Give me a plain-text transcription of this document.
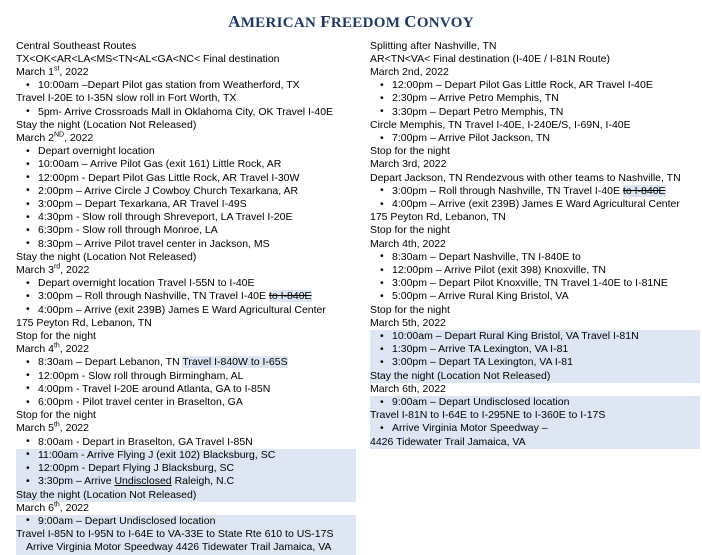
AMERICAN FREEDOM CONVOY
Central Southeast Routes
TX<OK<AR<LA<MS<TN<AL<GA<NC< Final destination
March 1st, 2022
• 10:00am –Depart Pilot gas station from Weatherford, TX
Travel I-20E to I-35N slow roll in Fort Worth, TX
• 5pm- Arrive Crossroads Mall in Oklahoma City, OK Travel I-40E
Stay the night (Location Not Released)
March 2ND, 2022
• Depart overnight location
• 10:00am – Arrive Pilot Gas (exit 161) Little Rock, AR
• 12:00pm - Depart Pilot Gas Little Rock, AR Travel I-30W
• 2:00pm – Arrive Circle J Cowboy Church Texarkana, AR
• 3:00pm – Depart Texarkana, AR Travel I-49S
• 4:30pm - Slow roll through Shreveport, LA Travel I-20E
• 6:30pm - Slow roll through Monroe, LA
• 8:30pm – Arrive Pilot travel center in Jackson, MS
Stay the night (Location Not Released)
March 3rd, 2022
• Depart overnight location Travel I-55N to I-40E
• 3:00pm – Roll through Nashville, TN Travel I-40E to I-840E
• 4:00pm – Arrive (exit 239B) James E Ward Agricultural Center
175 Peyton Rd, Lebanon, TN
Stop for the night
March 4th, 2022
• 8:30am – Depart Lebanon, TN Travel I-840W to I-65S
• 12:00pm - Slow roll through Birmingham, AL
• 4:00pm - Travel I-20E around Atlanta, GA to I-85N
• 6:00pm - Pilot travel center in Braselton, GA
Stop for the night
March 5th, 2022
• 8:00am - Depart in Braselton, GA Travel I-85N
• 11:00am - Arrive Flying J (exit 102) Blacksburg, SC
• 12:00pm - Depart Flying J Blacksburg, SC
• 3:30pm – Arrive Undisclosed Raleigh, N.C
Stay the night (Location Not Released)
March 6th, 2022
• 9:00am – Depart Undisclosed location
Travel I-85N to I-95N to I-64E to VA-33E to State Rte 610 to US-17S
Arrive Virginia Motor Speedway 4426 Tidewater Trail Jamaica, VA
Splitting after Nashville, TN
AR<TN<VA< Final destination (I-40E / I-81N Route)
March 2nd, 2022
• 12:00pm – Depart Pilot Gas Little Rock, AR Travel I-40E
• 2:30pm – Arrive Petro Memphis, TN
• 3:30pm – Depart Petro Memphis, TN
Circle Memphis, TN Travel I-40E, I-240E/S, I-69N, I-40E
• 7:00pm – Arrive Pilot Jackson, TN
Stop for the night
March 3rd, 2022
Depart Jackson, TN Rendezvous with other teams to Nashville, TN
• 3:00pm – Roll through Nashville, TN Travel I-40E to I-840E
• 4:00pm – Arrive (exit 239B) James E Ward Agricultural Center
175 Peyton Rd, Lebanon, TN
Stop for the night
March 4th, 2022
• 8:30am – Depart Nashville, TN I-840E to
• 12:00pm – Arrive Pilot (exit 398) Knoxville, TN
• 3:00pm – Depart Pilot Knoxville, TN Travel 1-40E to I-81NE
• 5:00pm – Arrive Rural King Bristol, VA
Stop for the night
March 5th, 2022
• 10:00am – Depart Rural King Bristol, VA Travel I-81N
• 1:30pm – Arrive TA Lexington, VA I-81
• 3:00pm – Depart TA Lexington, VA I-81
Stay the night (Location Not Released)
March 6th, 2022
• 9:00am – Depart Undisclosed location
Travel I-81N to I-64E to I-295NE to I-360E to I-17S
• Arrive Virginia Motor Speedway –
4426 Tidewater Trail Jamaica, VA
